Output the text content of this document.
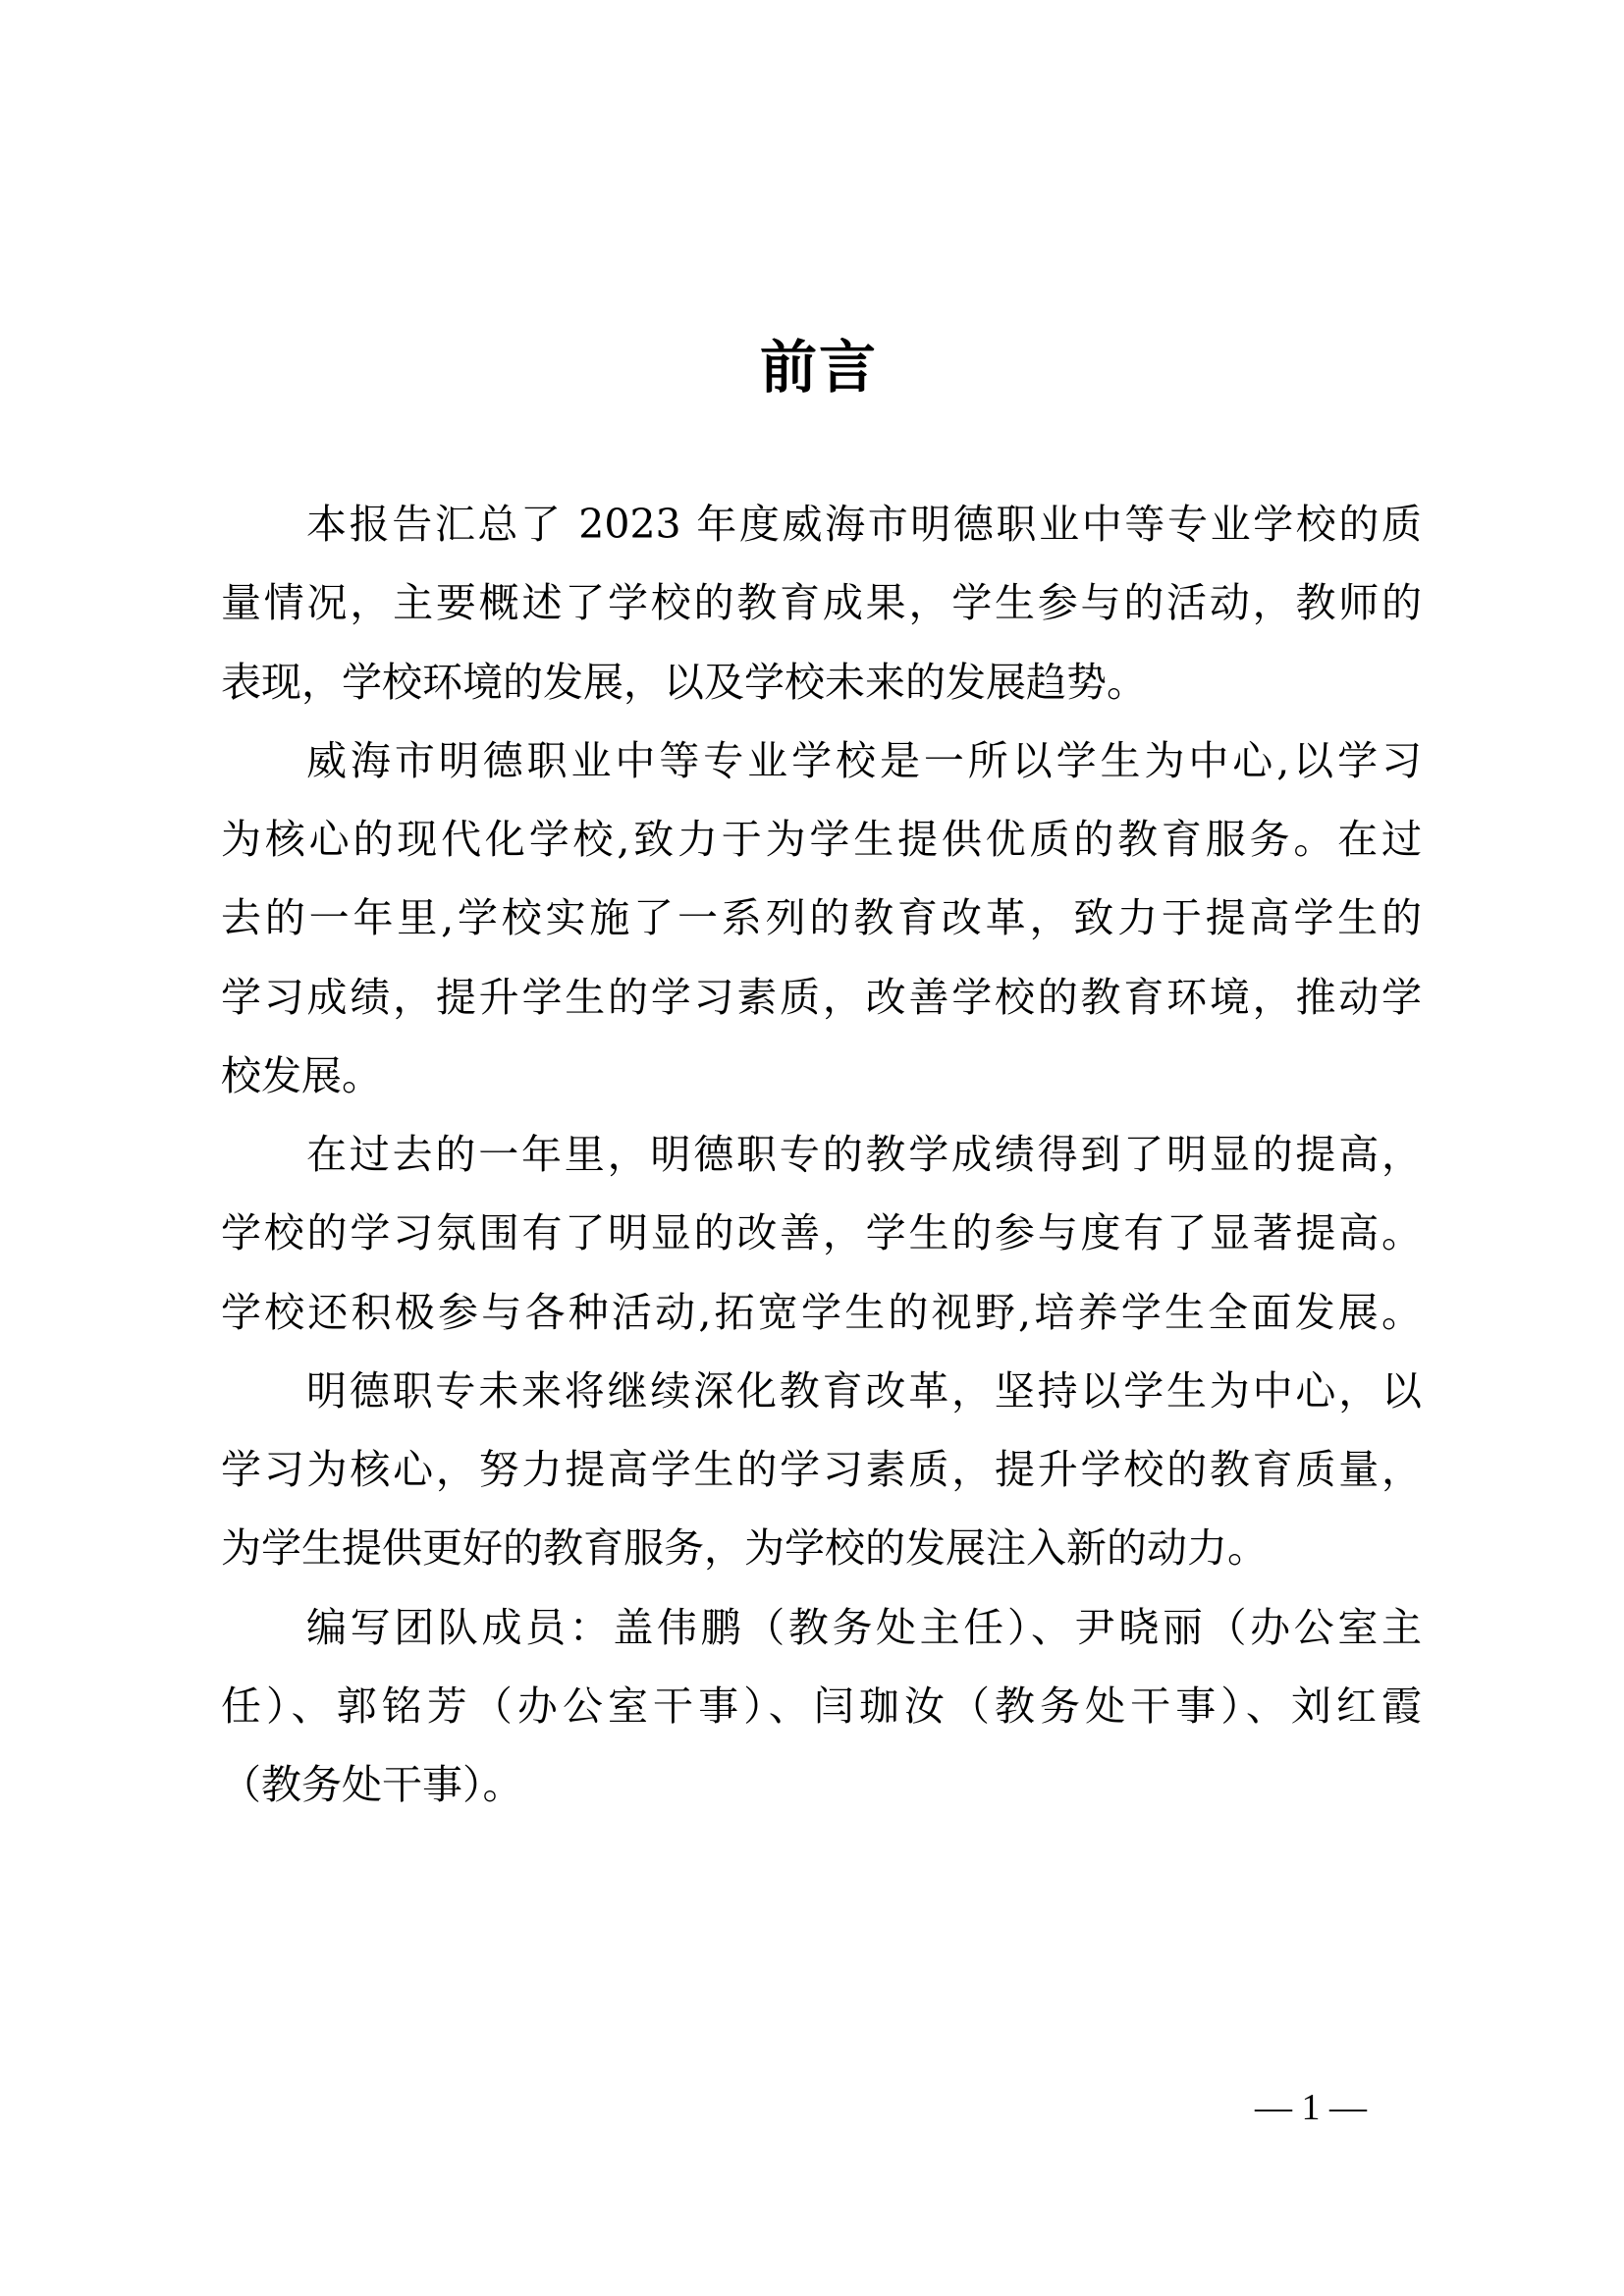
前言
本报告汇总了 2023 年度威海市明德职业中等专业学校的质
量情况，主要概述了学校的教育成果，学生参与的活动，教师的
表现，学校环境的发展，以及学校未来的发展趋势。
威海市明德职业中等专业学校是一所以学生为中心,以学习
为核心的现代化学校,致力于为学生提供优质的教育服务。在过
去的一年里,学校实施了一系列的教育改革，致力于提高学生的
学习成绩，提升学生的学习素质，改善学校的教育环境，推动学
校发展。
在过去的一年里，明德职专的教学成绩得到了明显的提高，
学校的学习氛围有了明显的改善，学生的参与度有了显著提高。
学校还积极参与各种活动,拓宽学生的视野,培养学生全面发展。
明德职专未来将继续深化教育改革，坚持以学生为中心，以
学习为核心，努力提高学生的学习素质，提升学校的教育质量，
为学生提供更好的教育服务，为学校的发展注入新的动力。
编写团队成员：盖伟鹏（教务处主任）、尹晓丽（办公室主
任）、郭铭芳（办公室干事）、闫珈汝（教务处干事）、刘红霞
（教务处干事）。
— 1 —
